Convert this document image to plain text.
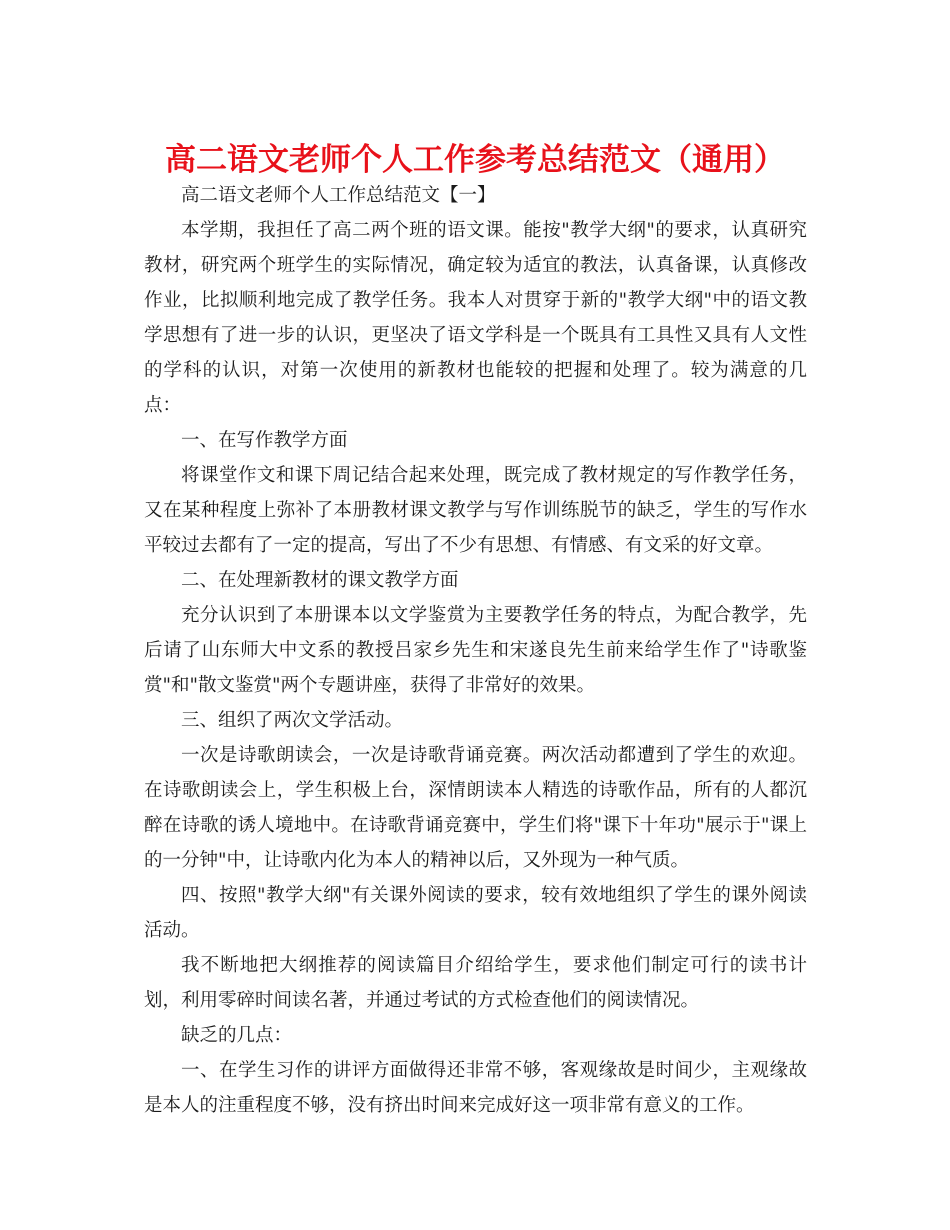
高二语文老师个人工作参考总结范文（通用）

高二语文老师个人工作总结范文【一】

本学期，我担任了高二两个班的语文课。能按"教学大纲"的要求，认真研究教材，研究两个班学生的实际情况，确定较为适宜的教法，认真备课，认真修改作业，比拟顺利地完成了教学任务。我本人对贯穿于新的"教学大纲"中的语文教学思想有了进一步的认识，更坚决了语文学科是一个既具有工具性又具有人文性的学科的认识，对第一次使用的新教材也能较的把握和处理了。较为满意的几点：

一、在写作教学方面

将课堂作文和课下周记结合起来处理，既完成了教材规定的写作教学任务，又在某种程度上弥补了本册教材课文教学与写作训练脱节的缺乏，学生的写作水平较过去都有了一定的提高，写出了不少有思想、有情感、有文采的好文章。

二、在处理新教材的课文教学方面

充分认识到了本册课本以文学鉴赏为主要教学任务的特点，为配合教学，先后请了山东师大中文系的教授吕家乡先生和宋遂良先生前来给学生作了"诗歌鉴赏"和"散文鉴赏"两个专题讲座，获得了非常好的效果。

三、组织了两次文学活动。

一次是诗歌朗读会，一次是诗歌背诵竞赛。两次活动都遭到了学生的欢迎。在诗歌朗读会上，学生积极上台，深情朗读本人精选的诗歌作品，所有的人都沉醉在诗歌的诱人境地中。在诗歌背诵竞赛中，学生们将"课下十年功"展示于"课上的一分钟"中，让诗歌内化为本人的精神以后，又外现为一种气质。

四、按照"教学大纲"有关课外阅读的要求，较有效地组织了学生的课外阅读活动。

我不断地把大纲推荐的阅读篇目介绍给学生，要求他们制定可行的读书计划，利用零碎时间读名著，并通过考试的方式检查他们的阅读情况。

缺乏的几点：

一、在学生习作的讲评方面做得还非常不够，客观缘故是时间少，主观缘故是本人的注重程度不够，没有挤出时间来完成好这一项非常有意义的工作。
